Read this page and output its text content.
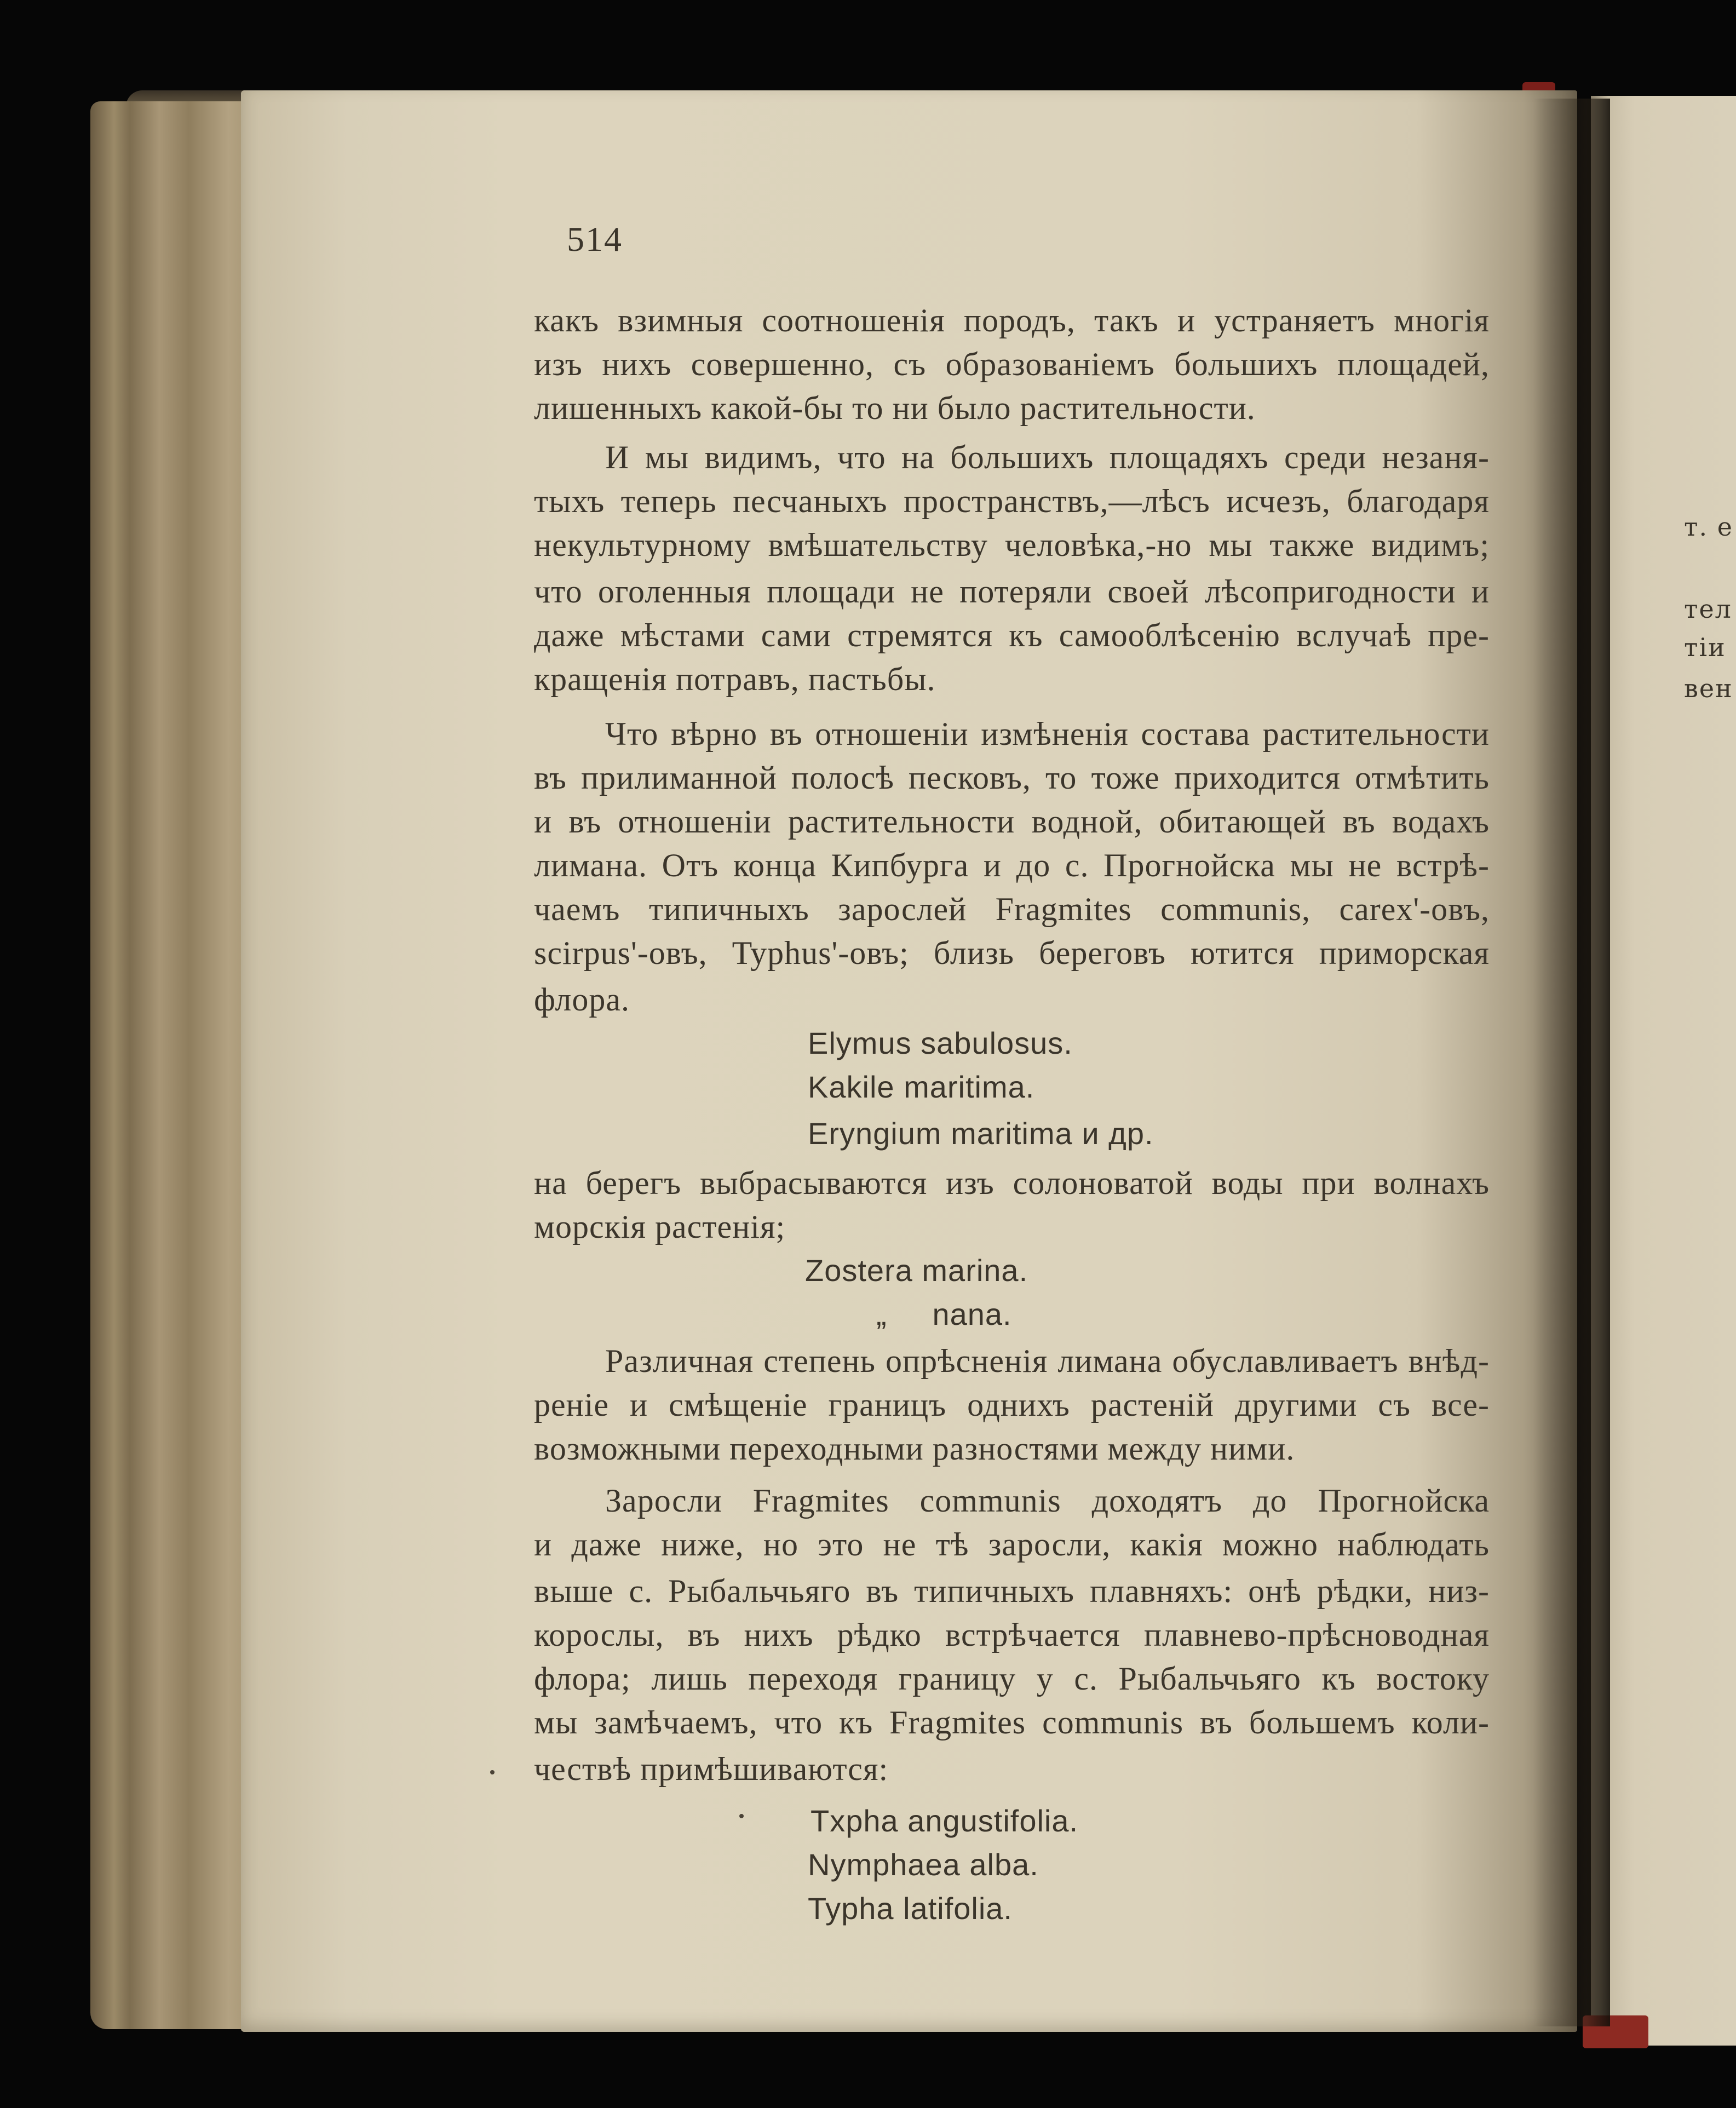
т. е
тел
тіи
вен
514
какъ взимныя соотношенія породъ, такъ и устраняетъ многія
изъ нихъ совершенно, съ образованіемъ большихъ площадей,
лишенныхъ какой-бы то ни было растительности.
И мы видимъ, что на большихъ площадяхъ среди незаня-
тыхъ теперь песчаныхъ пространствъ,—лѣсъ исчезъ, благодаря
некультурному вмѣшательству человѣка,-но мы также видимъ;
что оголенныя площади не потеряли своей лѣсопригодности и
даже мѣстами сами стремятся къ самооблѣсенію вслучаѣ пре-
кращенія потравъ, пастьбы.
Что вѣрно въ отношеніи измѣненія состава растительности
въ прилиманной полосѣ песковъ, то тоже приходится отмѣтить
и въ отношеніи растительности водной, обитающей въ водахъ
лимана. Отъ конца Кипбурга и до с. Прогнойска мы не встрѣ-
чаемъ типичныхъ зарослей Fragmites communis, carex'-овъ,
scirpus'-овъ, Typhus'-овъ; близь береговъ ютится приморская
флора.
Elymus sabulosus.
Kakile maritima.
Eryngium maritima и др.
на берегъ выбрасываются изъ солоноватой воды при волнахъ
морскія растенія;
Zostera marina.
„     nana.
Различная степень опрѣсненія лимана обуславливаетъ внѣд-
реніе и смѣщеніе границъ однихъ растеній другими съ все-
возможными переходными разностями между ними.
Заросли Fragmites communis доходятъ до Прогнойска
и даже ниже, но это не тѣ заросли, какія можно наблюдать
выше с. Рыбальчьяго въ типичныхъ плавняхъ: онѣ рѣдки, низ-
корослы, въ нихъ рѣдко встрѣчается плавнево-прѣсноводная
флора; лишь переходя границу у с. Рыбальчьяго къ востоку
мы замѣчаемъ, что къ Fragmites communis въ большемъ коли-
чествѣ примѣшиваются:
Txpha angustifolia.
Nymphaea alba.
Typha latifolia.
